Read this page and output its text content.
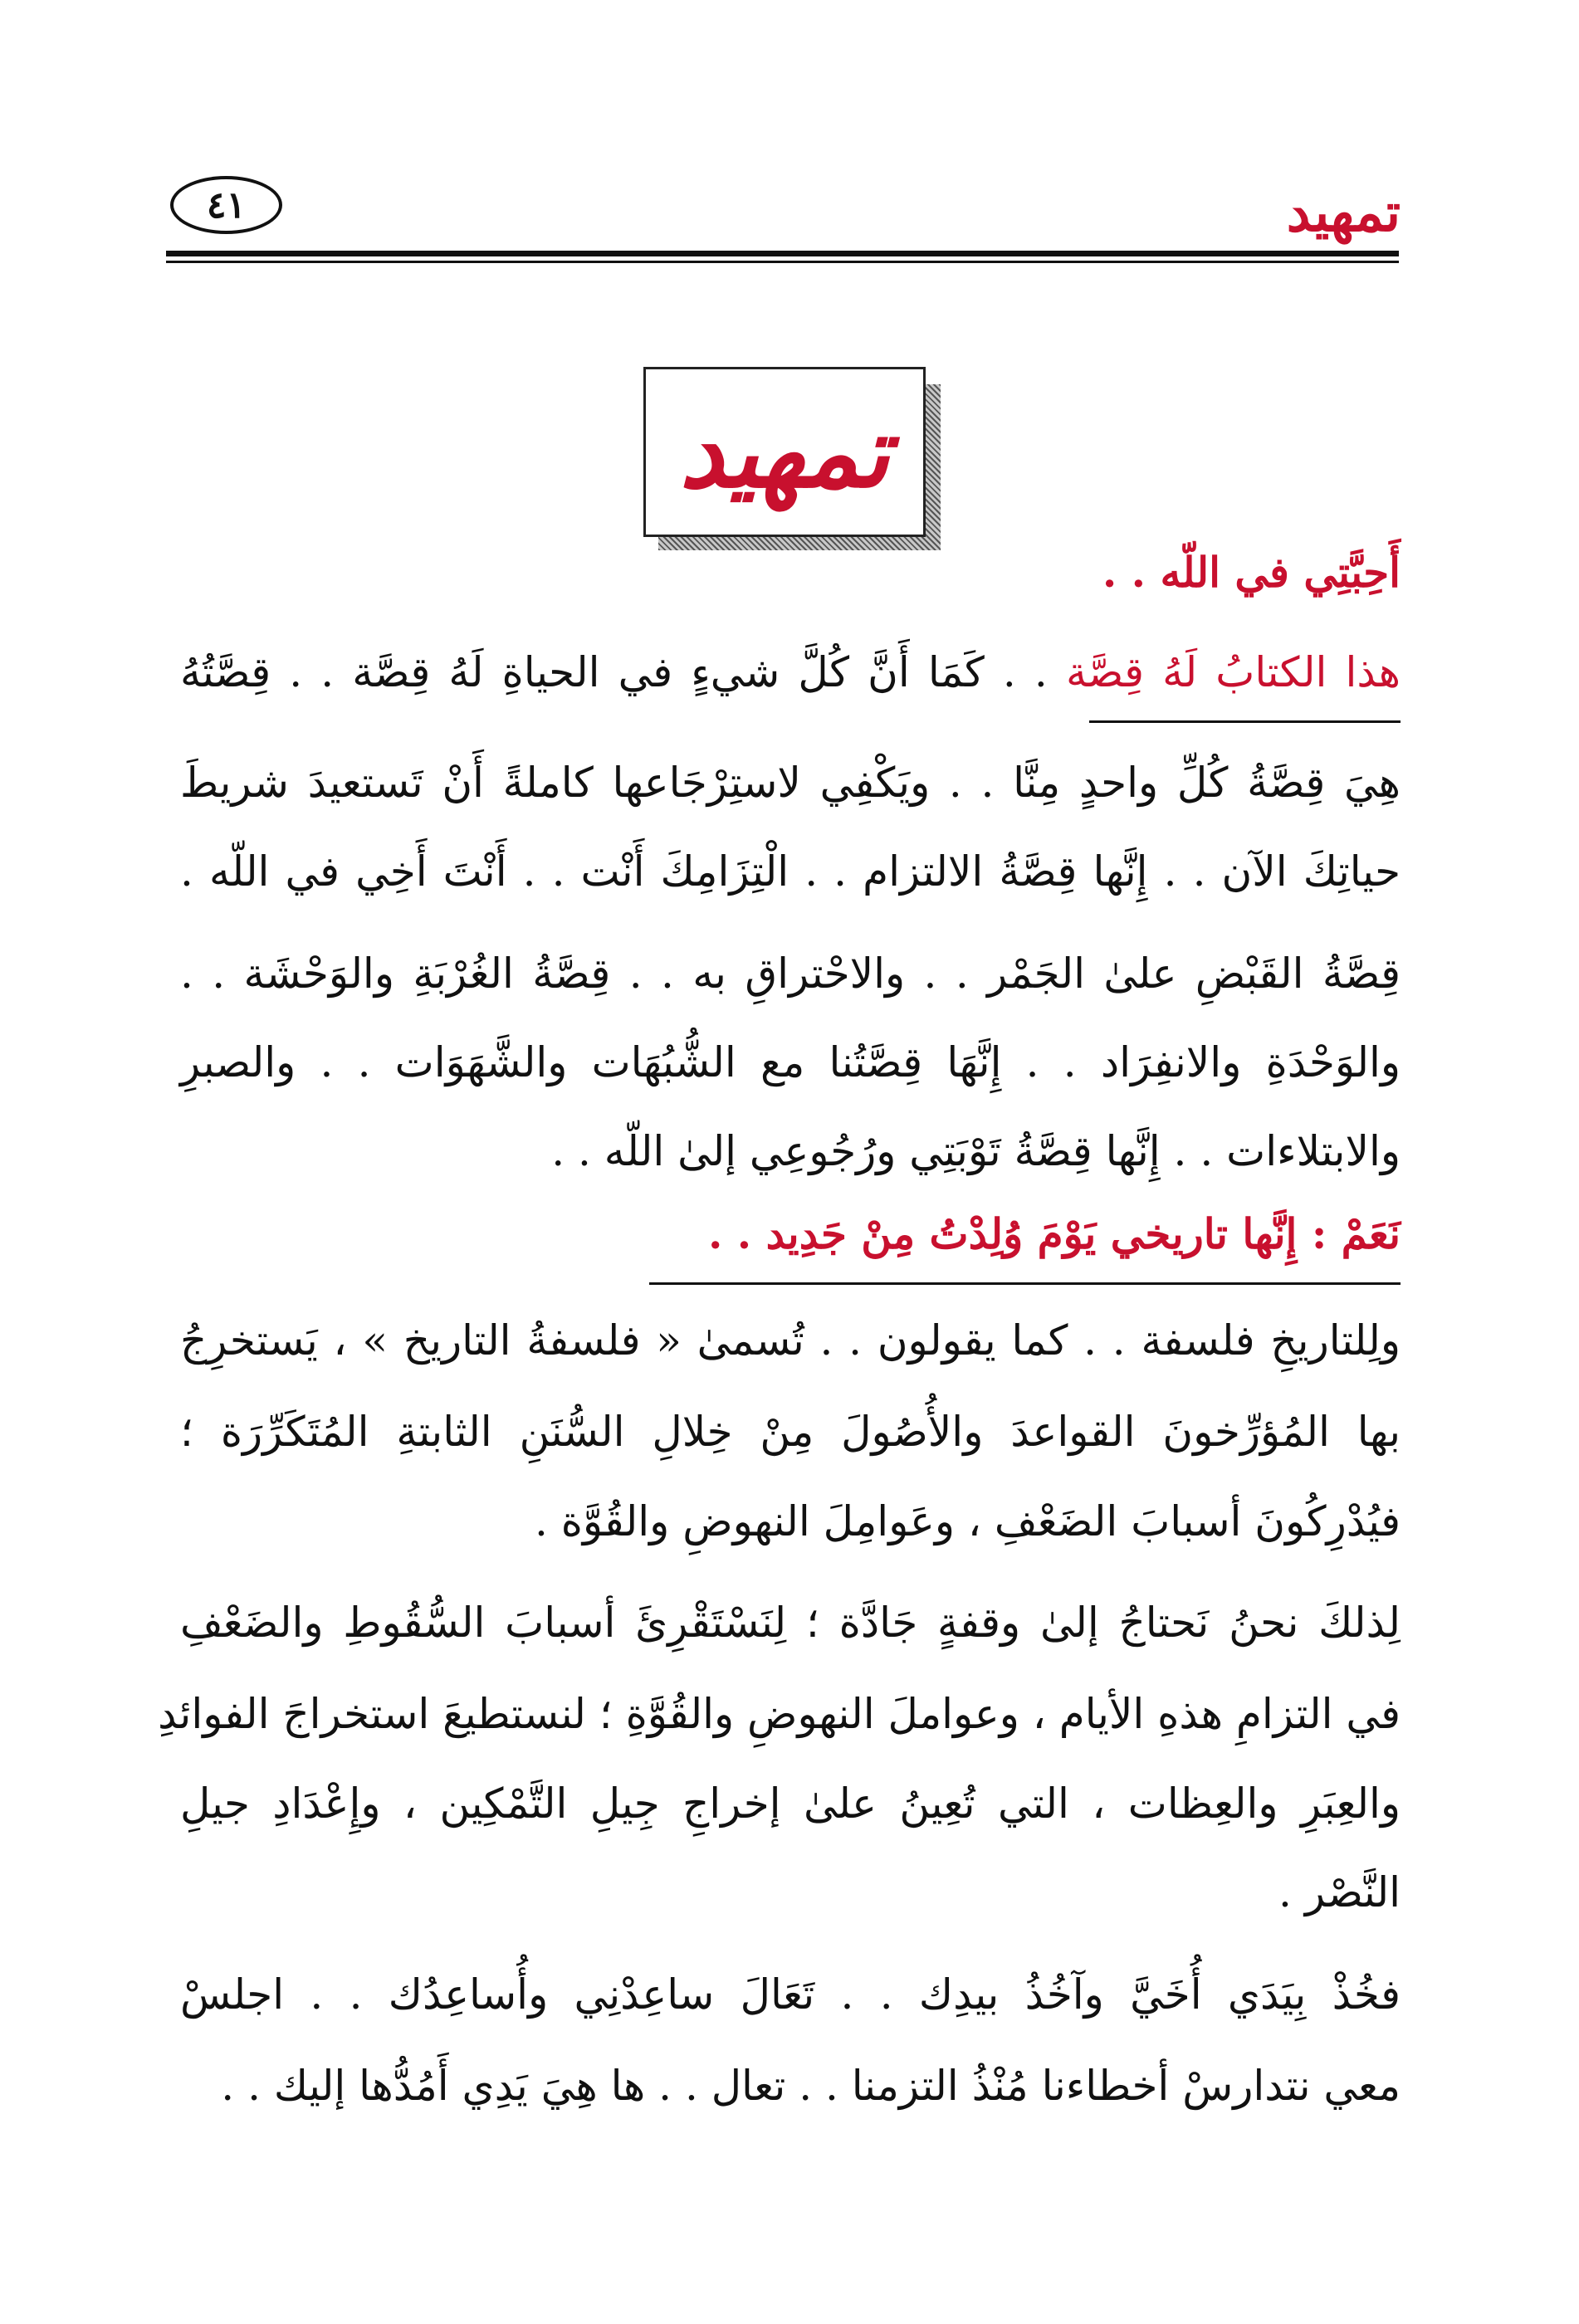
تمهيد
٤١
تمهيد
أَحِبَّتِي في اللّه . .
هذا الكتابُ لَهُ قِصَّة . . كَمَا أَنَّ كُلَّ شيءٍ في الحياةِ لَهُ قِصَّة . . قِصَّتُهُ
هِيَ قِصَّةُ كُلِّ واحدٍ مِنَّا . . ويَكْفِي لاستِرْجَاعها كاملةً أَنْ تَستعيدَ شريطَ
حياتِكَ الآن . . إِنَّها قِصَّةُ الالتزام . . الْتِزَامِكَ أَنْت . . أَنْتَ أَخِي في اللّه .
قِصَّةُ القَبْضِ علىٰ الجَمْر . . والاحْتراقِ به . . قِصَّةُ الغُرْبَةِ والوَحْشَة . .
والوَحْدَةِ والانفِرَاد . . إِنَّهَا قِصَّتُنا مع الشُّبُهَات والشَّهَوَات . . والصبرِ
والابتلاءات . . إِنَّها قِصَّةُ تَوْبَتِي ورُجُوعِي إلىٰ اللّه . .
نَعَمْ : إِنَّها تاريخي يَوْمَ وُلِدْتُ مِنْ جَدِيد . .
ولِلتاريخِ فلسفة . . كما يقولون . . تُسمىٰ « فلسفةُ التاريخ » ، يَستخرِجُ
بها المُؤرِّخونَ القواعدَ والأُصُولَ مِنْ خِلالِ السُّنَنِ الثابتةِ المُتَكَرِّرَة ؛
فيُدْرِكُونَ أسبابَ الضَعْفِ ، وعَوامِلَ النهوضِ والقُوَّة .
لِذلكَ نحنُ نَحتاجُ إلىٰ وقفةٍ جَادَّة ؛ لِنَسْتَقْرِئَ أسبابَ السُّقُوطِ والضَعْفِ
في التزامِ هذهِ الأيام ، وعواملَ النهوضِ والقُوَّةِ ؛ لنستطيعَ استخراجَ الفوائدِ
والعِبَرِ والعِظات ، التي تُعِينُ علىٰ إخراجِ جِيلِ التَّمْكِين ، وإِعْدَادِ جيلِ
النَّصْر .
فخُذْ بِيَدَي أُخَيَّ وآخُذُ بيدِك . . تَعَالَ ساعِدْنِي وأُساعِدُك . . اجلسْ
معي نتدارسْ أخطاءنا مُنْذُ التزمنا . . تعال . . ها هِيَ يَدِي أَمُدُّها إليك . .
